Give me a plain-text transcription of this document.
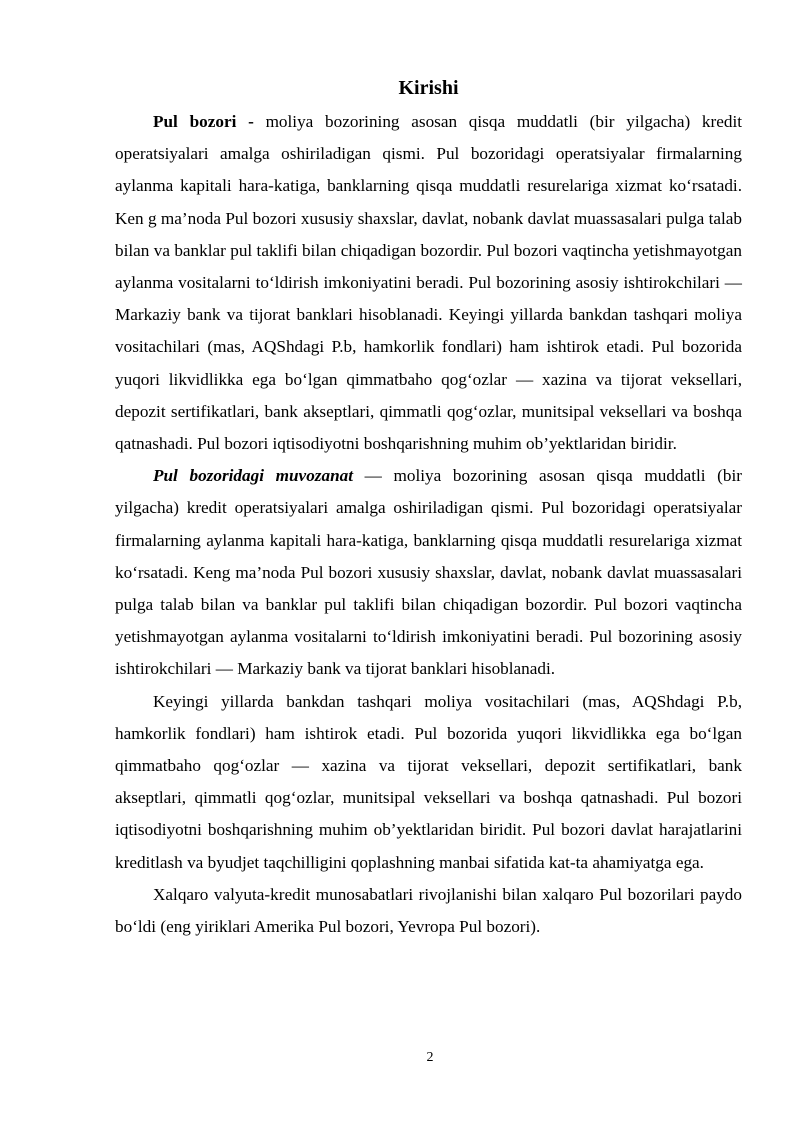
Kirishi

Pul bozori - moliya bozorining asosan qisqa muddatli (bir yilgacha) kredit operatsiyalari amalga oshiriladigan qismi. Pul bozoridagi operatsiyalar firmalarning aylanma kapitali hara-katiga, banklarning qisqa muddatli resurelariga xizmat ko‘rsatadi. Ken g ma’noda Pul bozori xususiy shaxslar, davlat, nobank davlat muassasalari pulga talab bilan va banklar pul taklifi bilan chiqadigan bozordir. Pul bozori vaqtincha yetishmayotgan aylanma vositalarni to‘ldirish imkoniyatini beradi. Pul bozorining asosiy ishtirokchilari — Markaziy bank va tijorat banklari hisoblanadi. Keyingi yillarda bankdan tashqari moliya vositachilari (mas, AQShdagi P.b, hamkorlik fondlari) ham ishtirok etadi. Pul bozorida yuqori likvidlikka ega bo‘lgan qimmatbaho qog‘ozlar — xazina va tijorat veksellari, depozit sertifikatlari, bank akseptlari, qimmatli qog‘ozlar, munitsipal veksellari va boshqa qatnashadi. Pul bozori iqtisodiyotni boshqarishning muhim ob’yektlaridan biridir.

Pul bozoridagi muvozanat — moliya bozorining asosan qisqa muddatli (bir yilgacha) kredit operatsiyalari amalga oshiriladigan qismi. Pul bozoridagi operatsiyalar firmalarning aylanma kapitali hara-katiga, banklarning qisqa muddatli resurelariga xizmat ko‘rsatadi. Keng ma’noda Pul bozori xususiy shaxslar, davlat, nobank davlat muassasalari pulga talab bilan va banklar pul taklifi bilan chiqadigan bozordir. Pul bozori vaqtincha yetishmayotgan aylanma vositalarni to‘ldirish imkoniyatini beradi. Pul bozorining asosiy ishtirokchilari — Markaziy bank va tijorat banklari hisoblanadi.

Keyingi yillarda bankdan tashqari moliya vositachilari (mas, AQShdagi P.b, hamkorlik fondlari) ham ishtirok etadi. Pul bozorida yuqori likvidlikka ega bo‘lgan qimmatbaho qog‘ozlar — xazina va tijorat veksellari, depozit sertifikatlari, bank akseptlari, qimmatli qog‘ozlar, munitsipal veksellari va boshqa qatnashadi. Pul bozori iqtisodiyotni boshqarishning muhim ob’yektlaridan biridit. Pul bozori davlat harajatlarini kreditlash va byudjet taqchilligini qoplashning manbai sifatida kat-ta ahamiyatga ega.

Xalqaro valyuta-kredit munosabatlari rivojlanishi bilan xalqaro Pul bozorilari paydo bo‘ldi (eng yiriklari Amerika Pul bozori, Yevropa Pul bozori).

2
